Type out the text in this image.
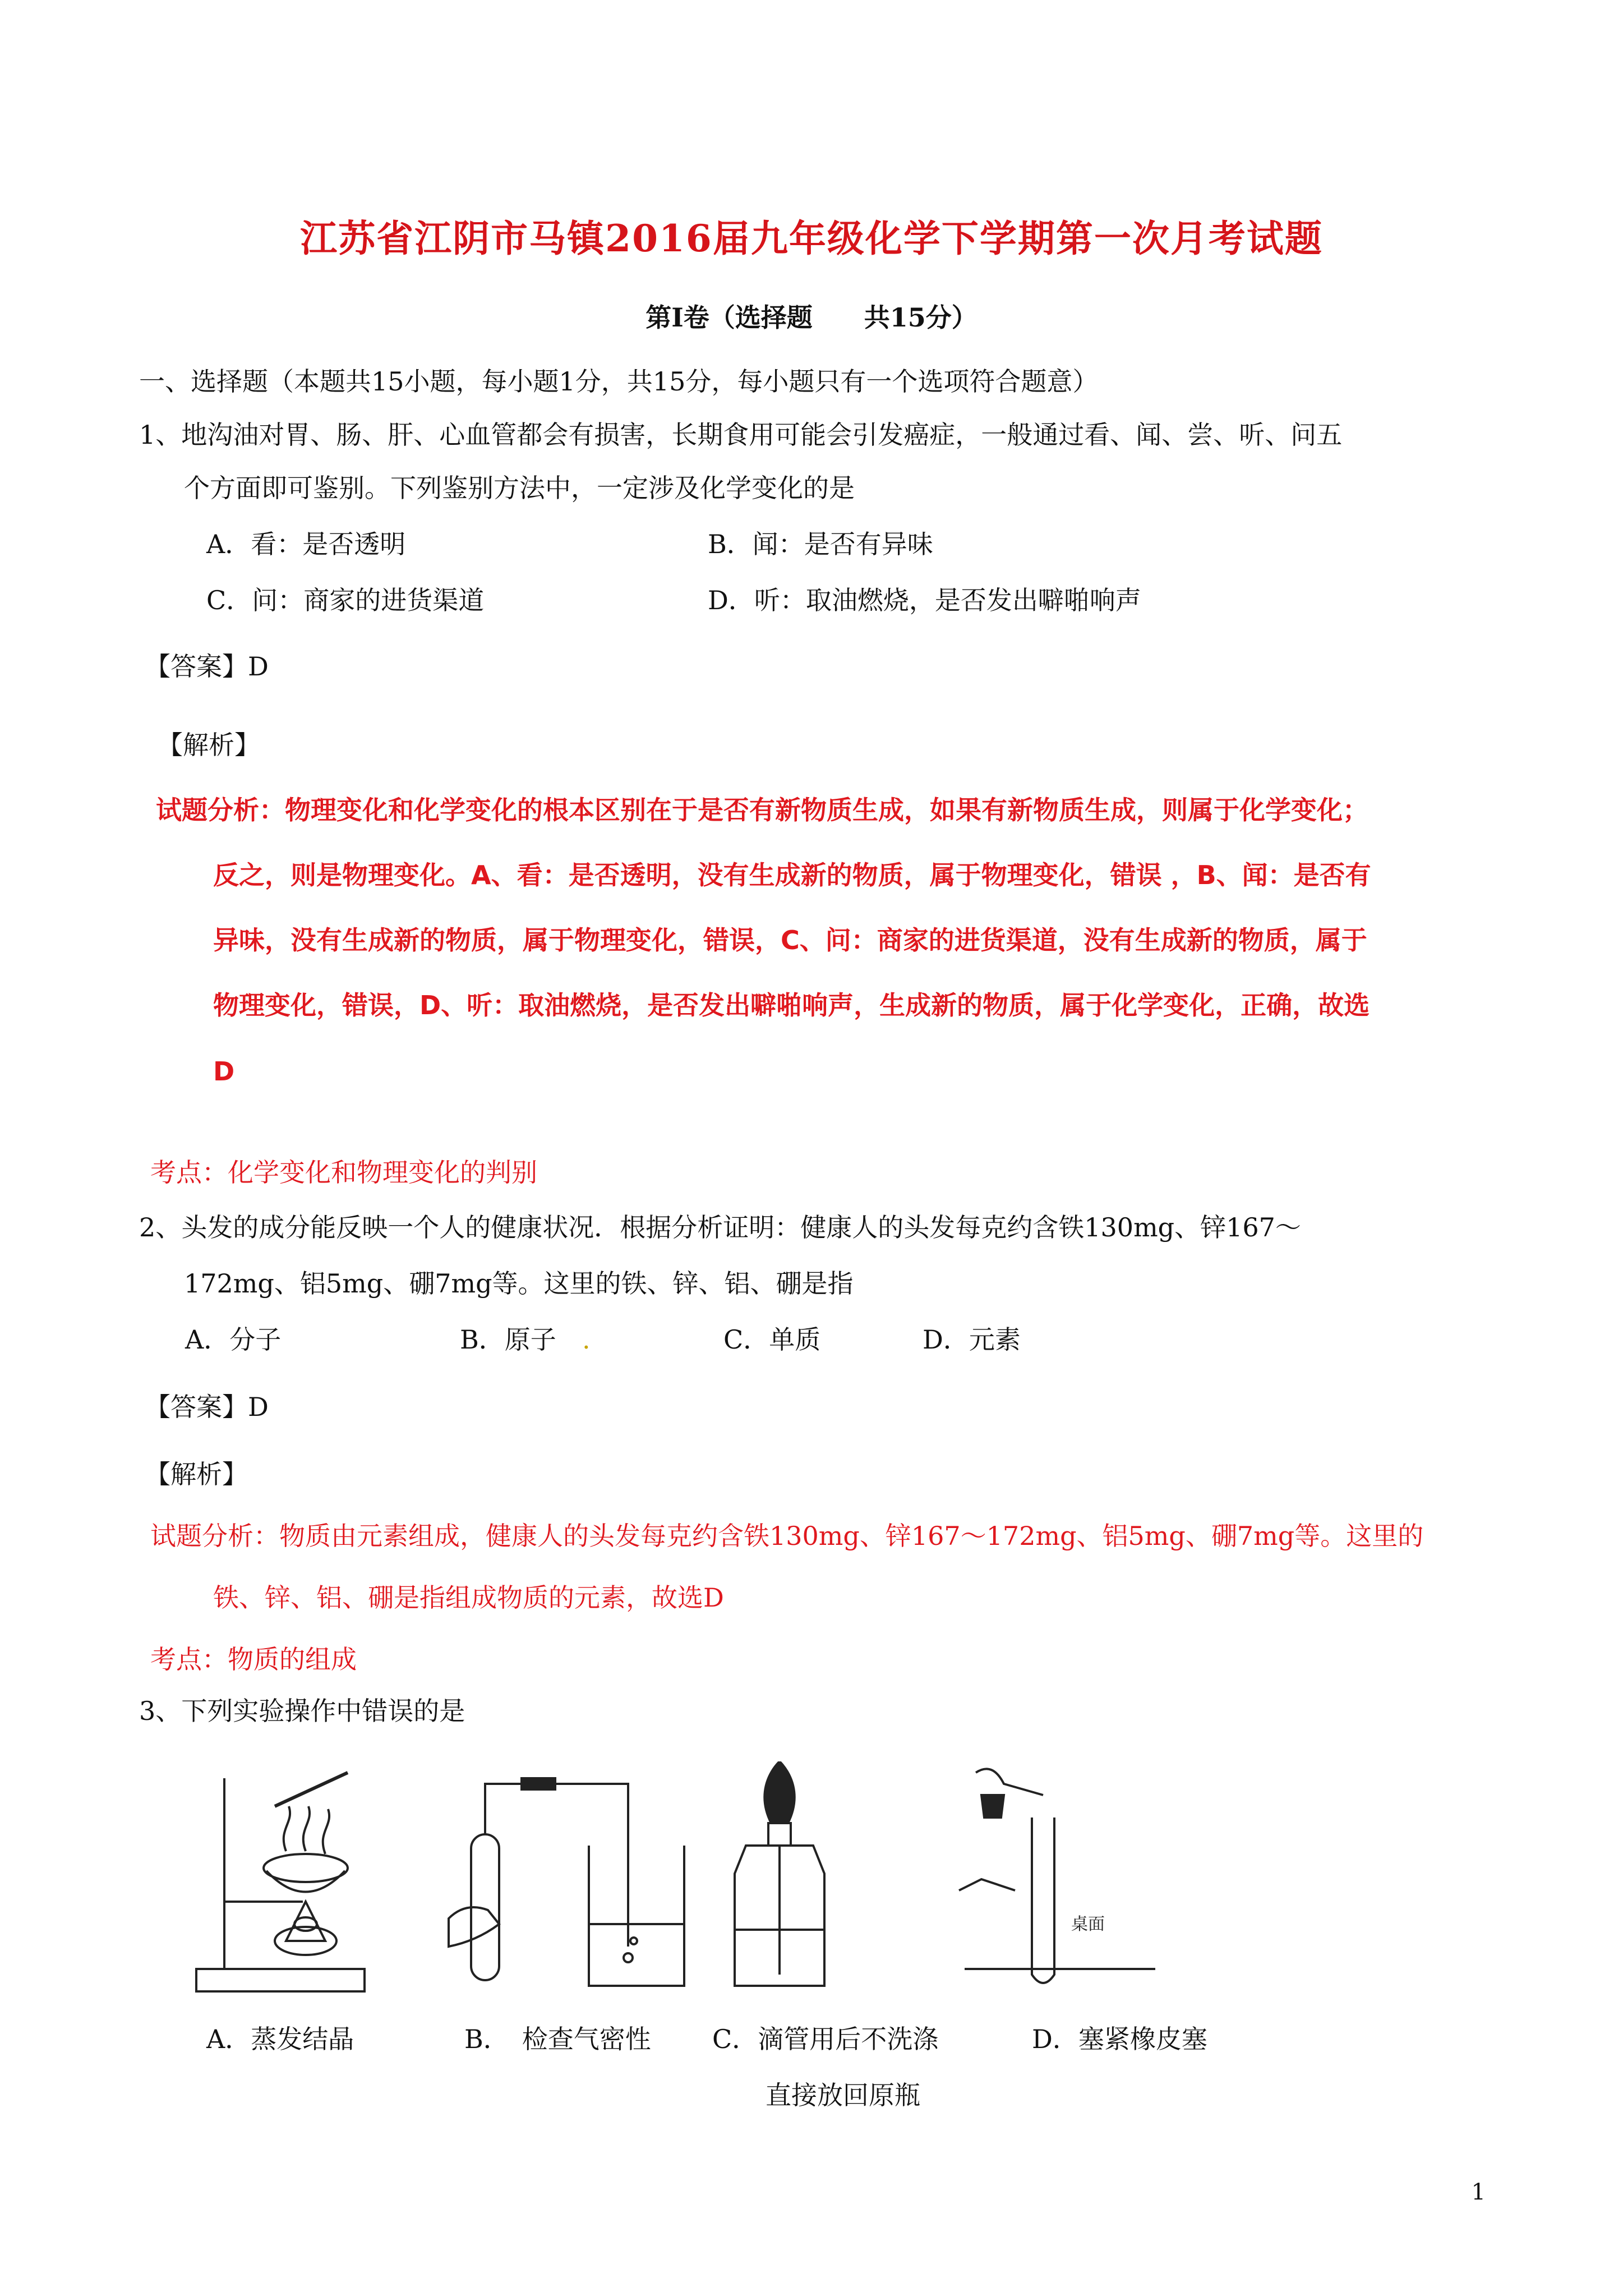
江苏省江阴市马镇2016届九年级化学下学期第一次月考试题
第Ⅰ卷（选择题　　共15分）
一、选择题（本题共15小题，每小题1分，共15分，每小题只有一个选项符合题意）
1、地沟油对胃、肠、肝、心血管都会有损害，长期食用可能会引发癌症，一般通过看、闻、尝、听、问五
个方面即可鉴别。下列鉴别方法中，一定涉及化学变化的是
A．看：是否透明	B．闻：是否有异味
C．问：商家的进货渠道	D．听：取油燃烧，是否发出噼啪响声
【答案】D
【解析】
试题分析：物理变化和化学变化的根本区别在于是否有新物质生成，如果有新物质生成，则属于化学变化；
反之，则是物理变化。A、看：是否透明，没有生成新的物质，属于物理变化，错误 ，B、闻：是否有
异味，没有生成新的物质，属于物理变化，错误，C、问：商家的进货渠道，没有生成新的物质，属于
物理变化，错误，D、听：取油燃烧，是否发出噼啪响声，生成新的物质，属于化学变化，正确，故选
D
考点：化学变化和物理变化的判别
2、头发的成分能反映一个人的健康状况．根据分析证明：健康人的头发每克约含铁130mg、锌167～
172mg、铝5mg、硼7mg等。这里的铁、锌、铝、硼是指
A．分子	B．原子 .	C．单质	D．元素
【答案】D
【解析】
试题分析：物质由元素组成，健康人的头发每克约含铁130mg、锌167～172mg、铝5mg、硼7mg等。这里的
铁、锌、铝、硼是指组成物质的元素，故选D
考点：物质的组成
3、下列实验操作中错误的是
桌面
A．蒸发结晶	B．　检查气密性 C．滴管用后不洗涤	D．塞紧橡皮塞
直接放回原瓶
1
